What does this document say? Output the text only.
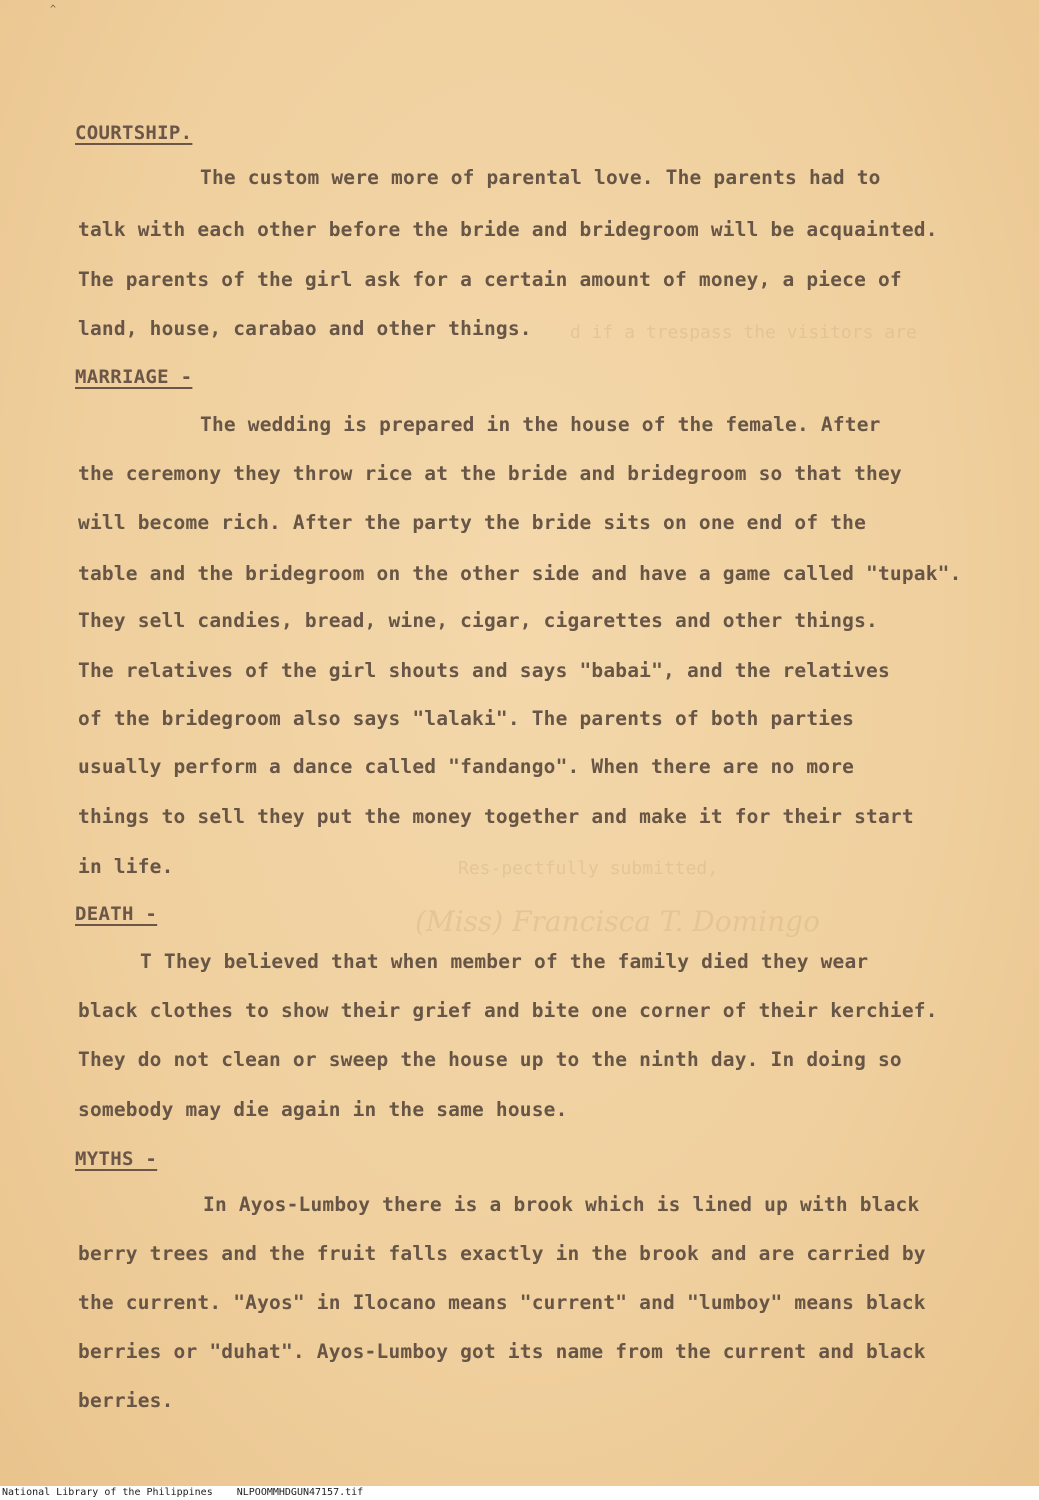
^
d if a trespass the visitors are
Res-pectfully submitted,
(Miss) Francisca T. Domingo
COURTSHIP.
The custom were more of parental love. The parents had to
talk with each other before the bride and bridegroom will be acquainted.
The parents of the girl ask for a certain amount of money, a piece of
land, house, carabao and other things.
MARRIAGE -
The wedding is prepared in the house of the female. After
the ceremony they throw rice at the bride and bridegroom so that they
will become rich. After the party the bride sits on one end of the
table and the bridegroom on the other side and have a game called "tupak".
They sell candies, bread, wine, cigar, cigarettes and other things.
The relatives of the girl shouts and says "babai", and the relatives
of the bridegroom also says "lalaki". The parents of both parties
usually perform a dance called "fandango". When there are no more
things to sell they put the money together and make it for their start
in life.
DEATH -
T They believed that when member of the family died they wear
black clothes to show their grief and bite one corner of their kerchief.
They do not clean or sweep the house up to the ninth day. In doing so
somebody may die again in the same house.
MYTHS -
In Ayos-Lumboy there is a brook which is lined up with black
berry trees and the fruit falls exactly in the brook and are carried by
the current. "Ayos" in Ilocano means "current" and "lumboy" means black
berries or "duhat". Ayos-Lumboy got its name from the current and black
berries.
National Library of the Philippines NLPOOMMHDGUN47157.tif
